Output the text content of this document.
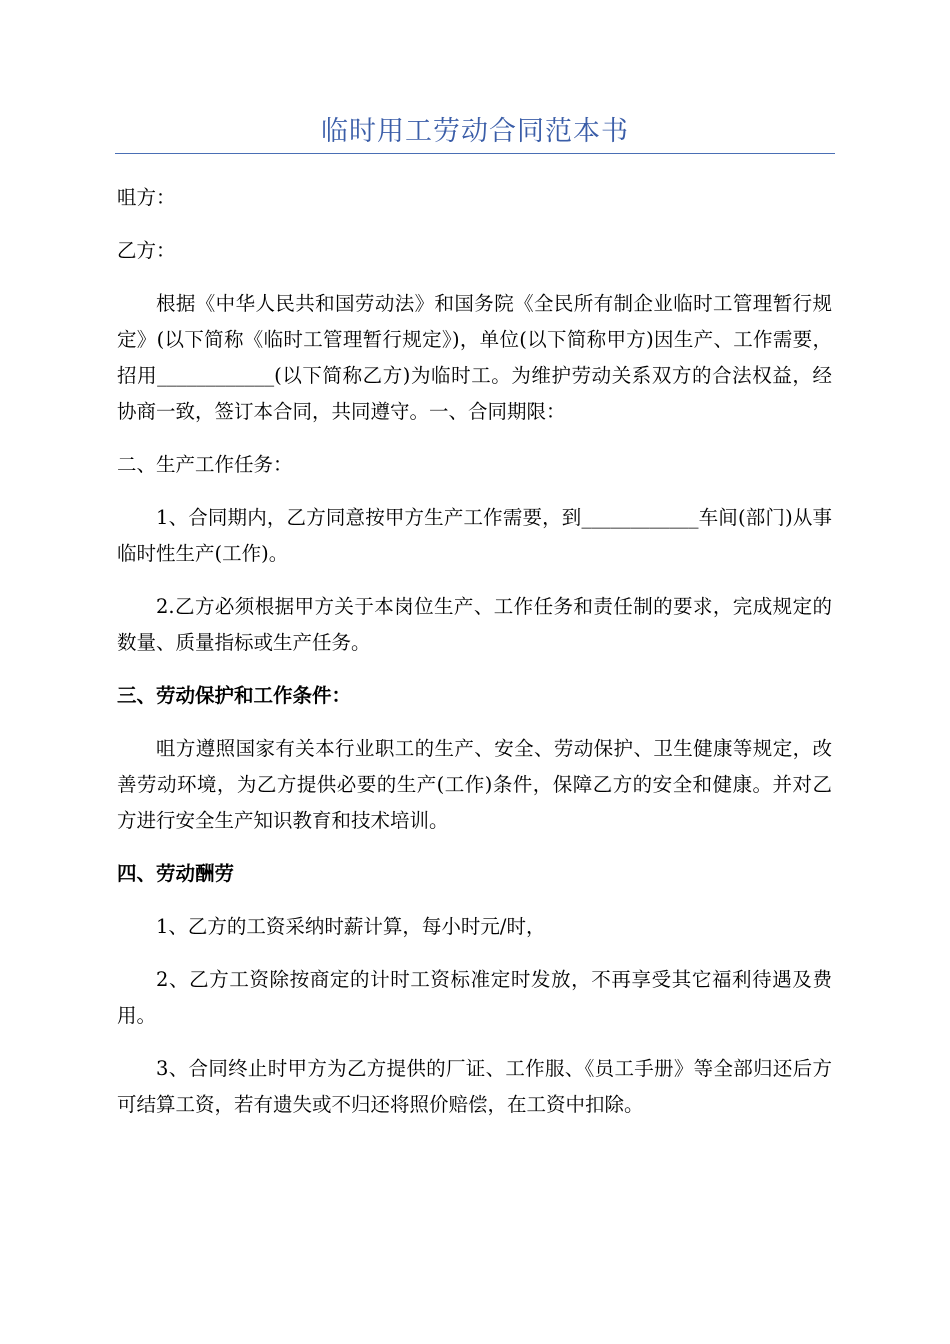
临时用工劳动合同范本书

咀方：

乙方：

根据《中华人民共和国劳动法》和国务院《全民所有制企业临时工管理暂行规定》(以下简称《临时工管理暂行规定》)，单位(以下简称甲方)因生产、工作需要，招用____________(以下简称乙方)为临时工。为维护劳动关系双方的合法权益，经协商一致，签订本合同，共同遵守。一、合同期限：

二、生产工作任务：

1、合同期内，乙方同意按甲方生产工作需要，到____________车间(部门)从事临时性生产(工作)。

2.乙方必须根据甲方关于本岗位生产、工作任务和责任制的要求，完成规定的数量、质量指标或生产任务。

三、劳动保护和工作条件：

咀方遵照国家有关本行业职工的生产、安全、劳动保护、卫生健康等规定，改善劳动环境，为乙方提供必要的生产(工作)条件，保障乙方的安全和健康。并对乙方进行安全生产知识教育和技术培训。

四、劳动酬劳

1、乙方的工资采纳时薪计算，每小时元/时，

2、乙方工资除按商定的计时工资标准定时发放，不再享受其它福利待遇及费用。

3、合同终止时甲方为乙方提供的厂证、工作服、《员工手册》等全部归还后方可结算工资，若有遗失或不归还将照价赔偿，在工资中扣除。
